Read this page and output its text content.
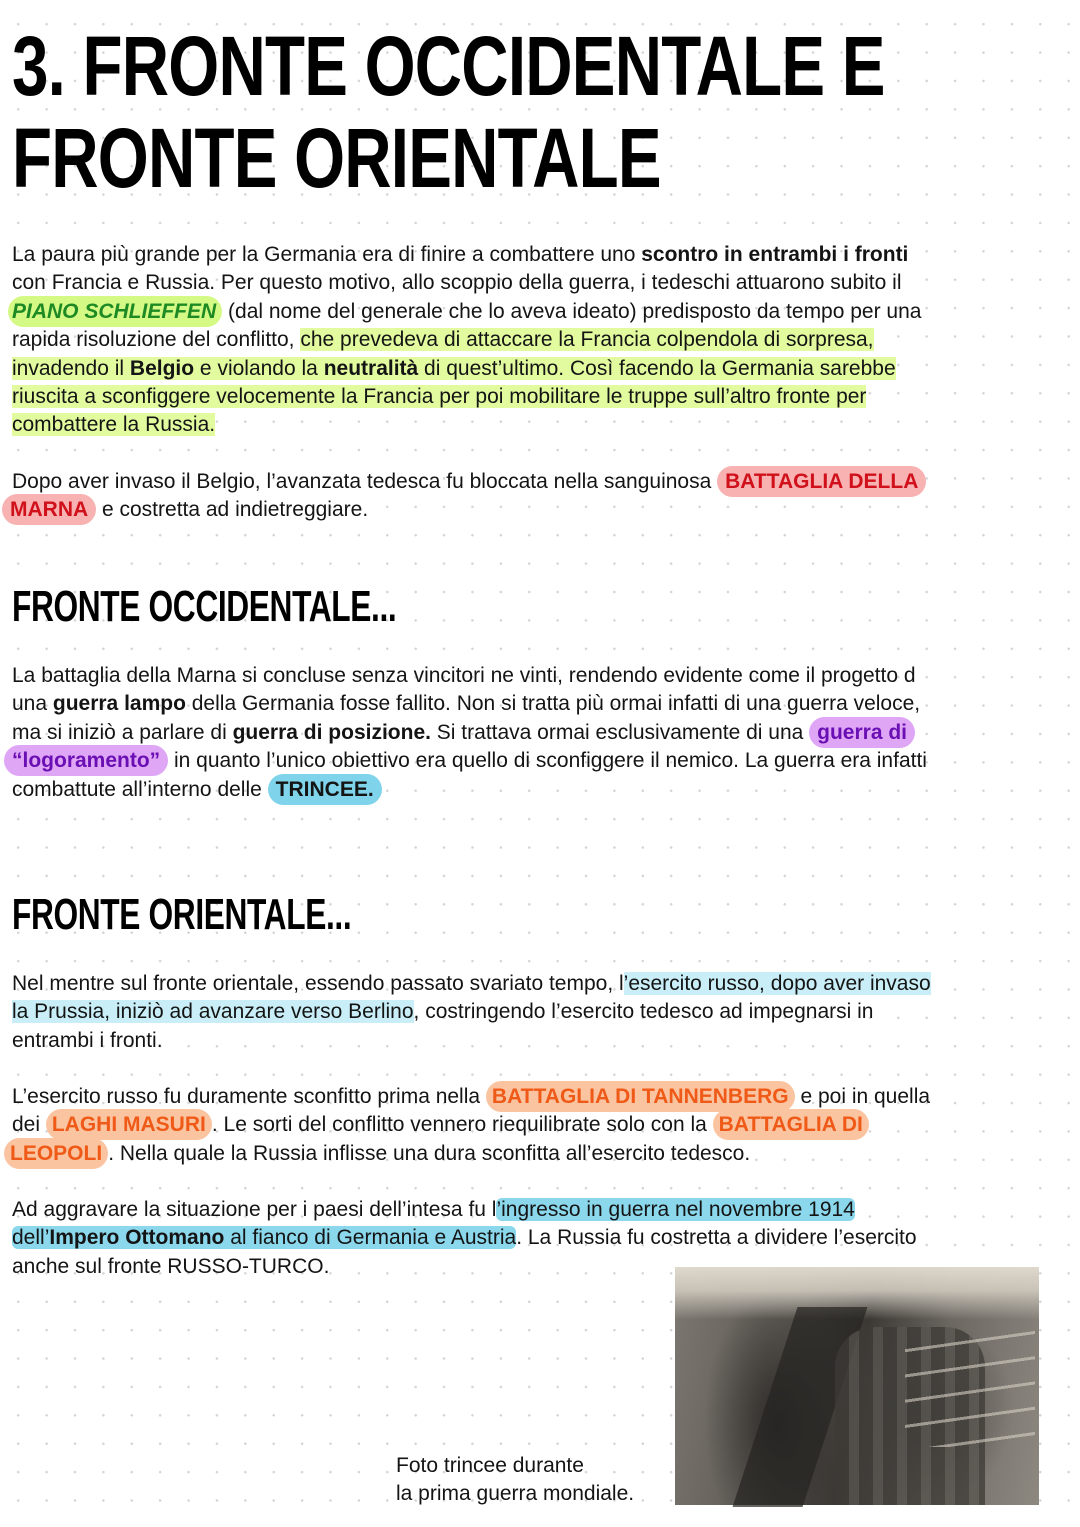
3. FRONTE OCCIDENTALE E
FRONTE ORIENTALE

La paura più grande per la Germania era di finire a combattere uno scontro in entrambi i fronti
con Francia e Russia. Per questo motivo, allo scoppio della guerra, i tedeschi attuarono subito il
PIANO SCHLIEFFEN (dal nome del generale che lo aveva ideato) predisposto da tempo per una
rapida risoluzione del conflitto, che prevedeva di attaccare la Francia colpendola di sorpresa,
invadendo il Belgio e violando la neutralità di quest’ultimo. Così facendo la Germania sarebbe
riuscita a sconfiggere velocemente la Francia per poi mobilitare le truppe sull’altro fronte per
combattere la Russia.

Dopo aver invaso il Belgio, l’avanzata tedesca fu bloccata nella sanguinosa BATTAGLIA DELLA
MARNA e costretta ad indietreggiare.

FRONTE OCCIDENTALE...

La battaglia della Marna si concluse senza vincitori ne vinti, rendendo evidente come il progetto d
una guerra lampo della Germania fosse fallito. Non si tratta più ormai infatti di una guerra veloce,
ma si iniziò a parlare di guerra di posizione. Si trattava ormai esclusivamente di una guerra di
“logoramento” in quanto l’unico obiettivo era quello di sconfiggere il nemico. La guerra era infatti
combattute all’interno delle TRINCEE.

FRONTE ORIENTALE...

Nel mentre sul fronte orientale, essendo passato svariato tempo, l’esercito russo, dopo aver invaso
la Prussia, iniziò ad avanzare verso Berlino, costringendo l’esercito tedesco ad impegnarsi in
entrambi i fronti.

L’esercito russo fu duramente sconfitto prima nella BATTAGLIA DI TANNENBERG e poi in quella
dei LAGHI MASURI . Le sorti del conflitto vennero riequilibrate solo con la BATTAGLIA DI
LEOPOLI . Nella quale la Russia inflisse una dura sconfitta all’esercito tedesco.

Ad aggravare la situazione per i paesi dell’intesa fu l’ingresso in guerra nel novembre 1914
dell’Impero Ottomano al fianco di Germania e Austria. La Russia fu costretta a dividere l’esercito
anche sul fronte RUSSO-TURCO.

Foto trincee durante
la prima guerra mondiale.
